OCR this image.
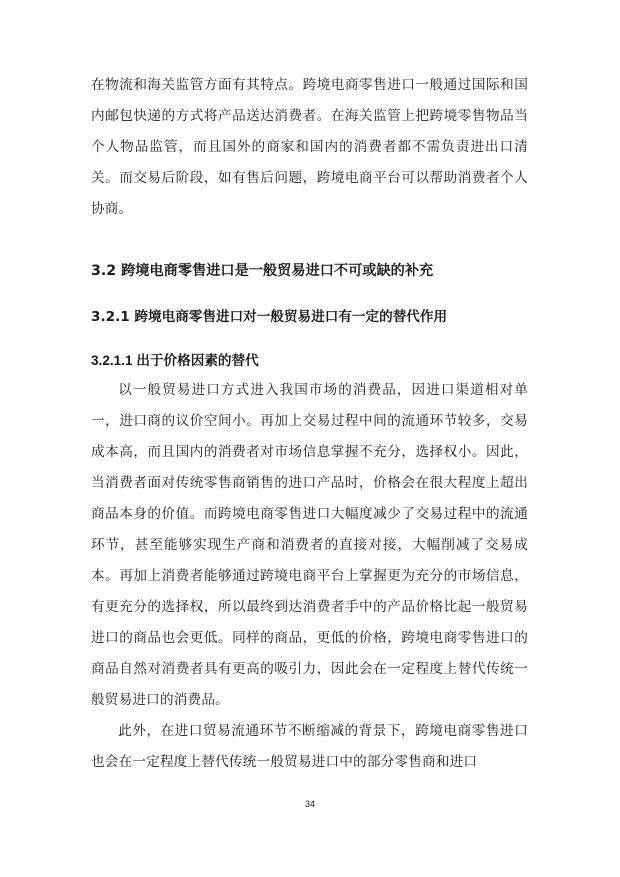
在物流和海关监管方面有其特点。跨境电商零售进口一般通过国际和国内邮包快递的方式将产品送达消费者。在海关监管上把跨境零售物品当个人物品监管，而且国外的商家和国内的消费者都不需负责进出口清关。而交易后阶段，如有售后问题，跨境电商平台可以帮助消费者个人协商。

3.2 跨境电商零售进口是一般贸易进口不可或缺的补充
3.2.1 跨境电商零售进口对一般贸易进口有一定的替代作用
3.2.1.1 出于价格因素的替代

以一般贸易进口方式进入我国市场的消费品，因进口渠道相对单一，进口商的议价空间小。再加上交易过程中间的流通环节较多，交易成本高，而且国内的消费者对市场信息掌握不充分，选择权小。因此，当消费者面对传统零售商销售的进口产品时，价格会在很大程度上超出商品本身的价值。而跨境电商零售进口大幅度减少了交易过程中的流通环节，甚至能够实现生产商和消费者的直接对接，大幅削减了交易成本。再加上消费者能够通过跨境电商平台上掌握更为充分的市场信息，有更充分的选择权，所以最终到达消费者手中的产品价格比起一般贸易进口的商品也会更低。同样的商品，更低的价格，跨境电商零售进口的商品自然对消费者具有更高的吸引力，因此会在一定程度上替代传统一般贸易进口的消费品。

此外，在进口贸易流通环节不断缩减的背景下，跨境电商零售进口也会在一定程度上替代传统一般贸易进口中的部分零售商和进口

34
